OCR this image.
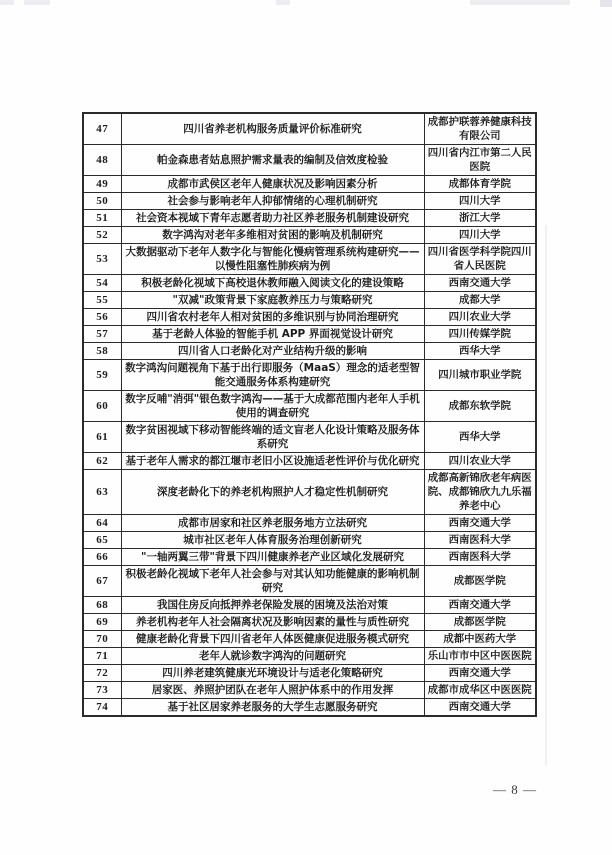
47	四川省养老机构服务质量评价标准研究	成都护联蓉养健康科技有限公司
48	帕金森患者姑息照护需求量表的编制及信效度检验	四川省内江市第二人民医院
49	成都市武侯区老年人健康状况及影响因素分析	成都体育学院
50	社会参与影响老年人抑郁情绪的心理机制研究	四川大学
51	社会资本视域下青年志愿者助力社区养老服务机制建设研究	浙江大学
52	数字鸿沟对老年多维相对贫困的影响及机制研究	四川大学
53	大数据驱动下老年人数字化与智能化慢病管理系统构建研究——以慢性阻塞性肺疾病为例	四川省医学科学院四川省人民医院
54	积极老龄化视域下高校退休教师融入阅读文化的建设策略	西南交通大学
55	"双减"政策背景下家庭教养压力与策略研究	成都大学
56	四川省农村老年人相对贫困的多维识别与协同治理研究	四川农业大学
57	基于老龄人体验的智能手机 APP 界面视觉设计研究	四川传媒学院
58	四川省人口老龄化对产业结构升级的影响	西华大学
59	数字鸿沟问题视角下基于出行即服务（MaaS）理念的适老型智能交通服务体系构建研究	四川城市职业学院
60	数字反哺"消弭"银色数字鸿沟——基于大成都范围内老年人手机使用的调查研究	成都东软学院
61	数字贫困视域下移动智能终端的适文盲老人化设计策略及服务体系研究	西华大学
62	基于老年人需求的都江堰市老旧小区设施适老性评价与优化研究	四川农业大学
63	深度老龄化下的养老机构照护人才稳定性机制研究	成都高新锦欣老年病医院、成都锦欣九九乐福养老中心
64	成都市居家和社区养老服务地方立法研究	西南交通大学
65	城市社区老年人体育服务治理创新研究	西南医科大学
66	"一轴两翼三带"背景下四川健康养老产业区域化发展研究	西南医科大学
67	积极老龄化视域下老年人社会参与对其认知功能健康的影响机制研究	成都医学院
68	我国住房反向抵押养老保险发展的困境及法治对策	西南交通大学
69	养老机构老年人社会隔离状况及影响因素的量性与质性研究	成都医学院
70	健康老龄化背景下四川省老年人体医健康促进服务模式研究	成都中医药大学
71	老年人就诊数字鸿沟的问题研究	乐山市市中区中医医院
72	四川养老建筑健康光环境设计与适老化策略研究	西南交通大学
73	居家医、养照护团队在老年人照护体系中的作用发挥	成都市成华区中医医院
74	基于社区居家养老服务的大学生志愿服务研究	西南交通大学
— 8 —
